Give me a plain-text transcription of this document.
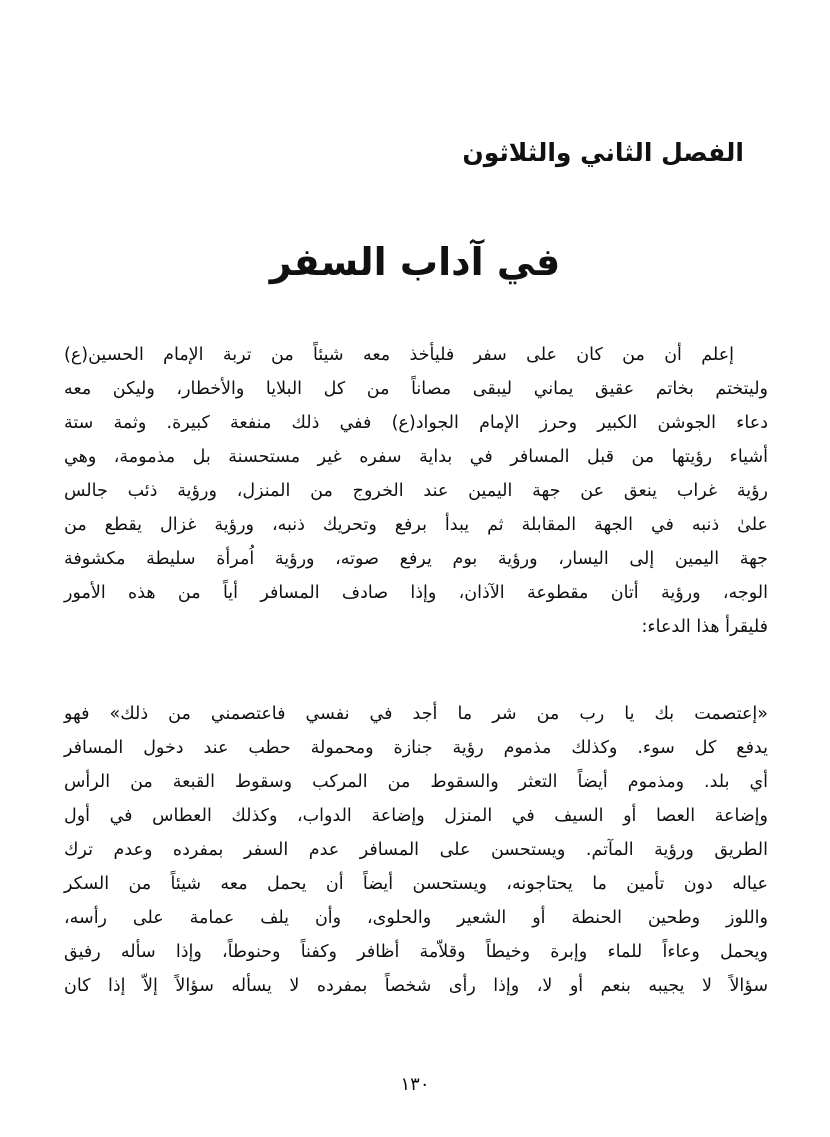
الفصل الثاني والثلاثون
في آداب السفر
إعلم أن من كان على سفر فليأخذ معه شيئاً من تربة الإمام الحسين(ع)
وليتختم بخاتم عقيق يماني ليبقى مصاناً من كل البلايا والأخطار، وليكن معه
دعاء الجوشن الكبير وحرز الإمام الجواد(ع) ففي ذلك منفعة كبيرة. وثمة ستة
أشياء رؤيتها من قبل المسافر في بداية سفره غير مستحسنة بل مذمومة، وهي
رؤية غراب ينعق عن جهة اليمين عند الخروج من المنزل، ورؤية ذئب جالس
علىٰ ذنبه في الجهة المقابلة ثم يبدأ برفع وتحريك ذنبه، ورؤية غزال يقطع من
جهة اليمين إلى اليسار، ورؤية بوم يرفع صوته، ورؤية اُمرأة سليطة مكشوفة
الوجه، ورؤية أتان مقطوعة الآذان، وإذا صادف المسافر أياً من هذه الأمور
فليقرأ هذا الدعاء:
«إعتصمت بك يا رب من شر ما أجد في نفسي فاعتصمني من ذلك» فهو
يدفع كل سوء. وكذلك مذموم رؤية جنازة ومحمولة حطب عند دخول المسافر
أي بلد. ومذموم أيضاً التعثر والسقوط من المركب وسقوط القبعة من الرأس
وإضاعة العصا أو السيف في المنزل وإضاعة الدواب، وكذلك العطاس في أول
الطريق ورؤية المآتم. ويستحسن على المسافر عدم السفر بمفرده وعدم ترك
عياله دون تأمين ما يحتاجونه، ويستحسن أيضاً أن يحمل معه شيئاً من السكر
واللوز وطحين الحنطة أو الشعير والحلوى، وأن يلف عمامة على رأسه،
ويحمل وعاءاً للماء وإبرة وخيطاً وقلاّمة أظافر وكفناً وحنوطاً، وإذا سأله رفيق
سؤالاً لا يجيبه بنعم أو لا، وإذا رأى شخصاً بمفرده لا يسأله سؤالاً إلاّ إذا كان
١٣٠
